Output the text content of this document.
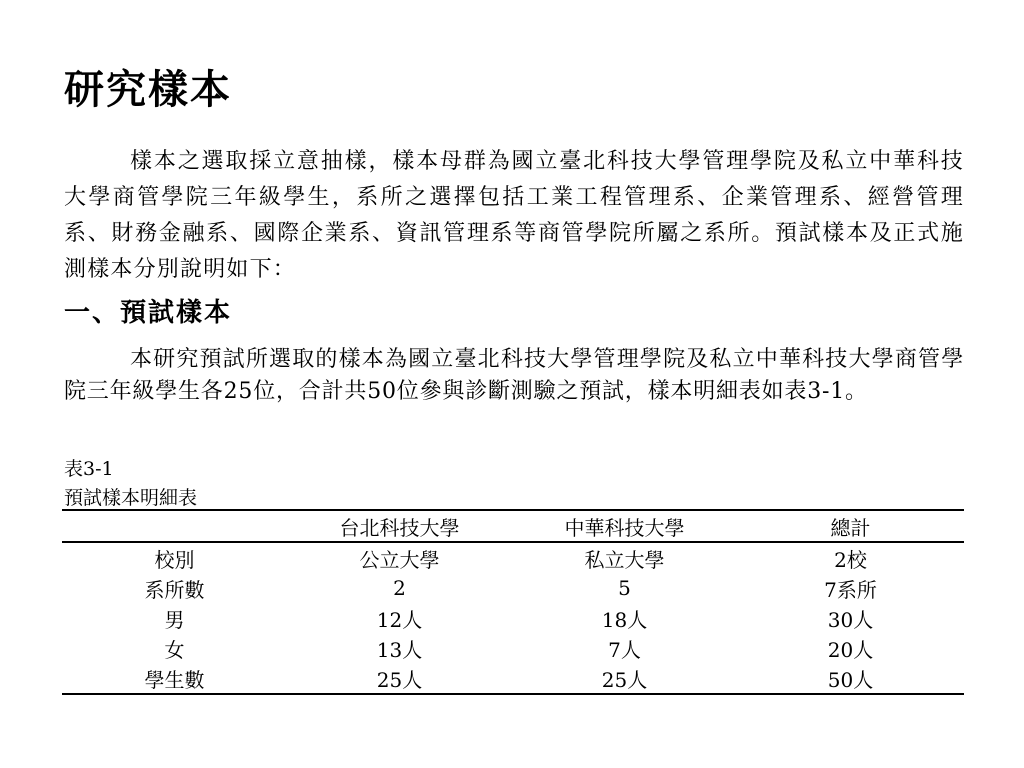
研究樣本

樣本之選取採立意抽樣，樣本母群為國立臺北科技大學管理學院及私立中華科技大學商管學院三年級學生，系所之選擇包括工業工程管理系、企業管理系、經營管理系、財務金融系、國際企業系、資訊管理系等商管學院所屬之系所。預試樣本及正式施測樣本分別說明如下：

一、預試樣本

本研究預試所選取的樣本為國立臺北科技大學管理學院及私立中華科技大學商管學院三年級學生各25位，合計共50位參與診斷測驗之預試，樣本明細表如表3-1。

表3-1

預試樣本明細表

	台北科技大學	中華科技大學	總計
校別	公立大學	私立大學	2校
系所數	2	5	7系所
男	12人	18人	30人
女	13人	7人	20人
學生數	25人	25人	50人
